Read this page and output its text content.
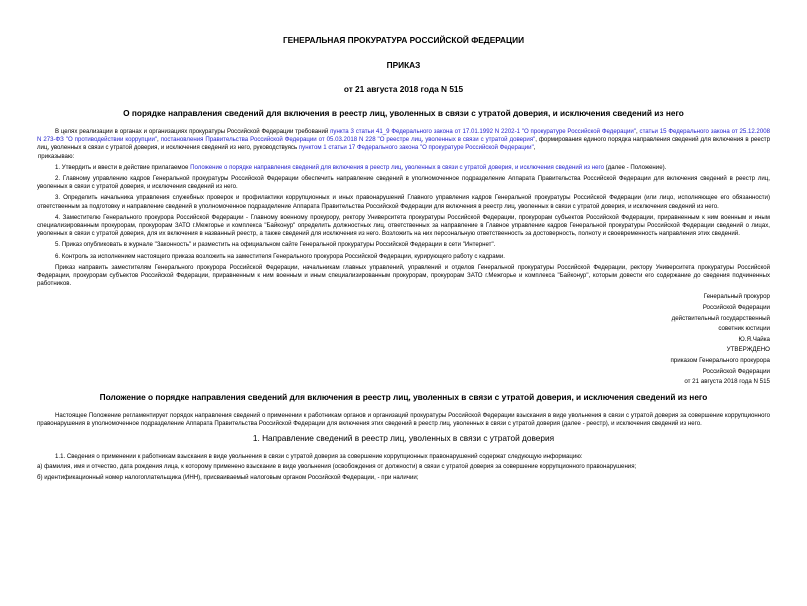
ГЕНЕРАЛЬНАЯ ПРОКУРАТУРА РОССИЙСКОЙ ФЕДЕРАЦИИ
ПРИКАЗ
от 21 августа 2018 года N 515
О порядке направления сведений для включения в реестр лиц, уволенных в связи с утратой доверия, и исключения сведений из него

В целях реализации в органах и организациях прокуратуры Российской Федерации требований пункта 3 статьи 41_9 Федерального закона от 17.01.1992 N 2202-1 "О прокуратуре Российской Федерации", статьи 15 Федерального закона от 25.12.2008 N 273-ФЗ "О противодействии коррупции", постановления Правительства Российской Федерации от 05.03.2018 N 228 "О реестре лиц, уволенных в связи с утратой доверия", формирования единого порядка направления сведений для включения в реестр лиц, уволенных в связи с утратой доверия, и исключения сведений из него, руководствуясь пунктом 1 статьи 17 Федерального закона "О прокуратуре Российской Федерации",

приказываю:

1. Утвердить и ввести в действие прилагаемое Положение о порядке направления сведений для включения в реестр лиц, уволенных в связи с утратой доверия, и исключения сведений из него (далее - Положение).

2. Главному управлению кадров Генеральной прокуратуры Российской Федерации обеспечить направление сведений в уполномоченное подразделение Аппарата Правительства Российской Федерации для включения сведений в реестр лиц, уволенных в связи с утратой доверия, и исключения сведений из него.

3. Определить начальника управления служебных проверок и профилактики коррупционных и иных правонарушений Главного управления кадров Генеральной прокуратуры Российской Федерации (или лицо, исполняющее его обязанности) ответственным за подготовку и направление сведений в уполномоченное подразделение Аппарата Правительства Российской Федерации для включения в реестр лиц, уволенных в связи с утратой доверия, и исключения сведений из него.

4. Заместителю Генерального прокурора Российской Федерации - Главному военному прокурору, ректору Университета прокуратуры Российской Федерации, прокурорам субъектов Российской Федерации, приравненным к ним военным и иным специализированным прокурорам, прокурорам ЗАТО г.Межгорье и комплекса "Байконур" определить должностных лиц, ответственных за направление в Главное управление кадров Генеральной прокуратуры Российской Федерации сведений о лицах, уволенных в связи с утратой доверия, для их включения в названный реестр, а также сведений для исключения из него. Возложить на них персональную ответственность за достоверность, полноту и своевременность направления этих сведений.

5. Приказ опубликовать в журнале "Законность" и разместить на официальном сайте Генеральной прокуратуры Российской Федерации в сети "Интернет".

6. Контроль за исполнением настоящего приказа возложить на заместителя Генерального прокурора Российской Федерации, курирующего работу с кадрами.

Приказ направить заместителям Генерального прокурора Российской Федерации, начальникам главных управлений, управлений и отделов Генеральной прокуратуры Российской Федерации, ректору Университета прокуратуры Российской Федерации, прокурорам субъектов Российской Федерации, приравненным к ним военным и иным специализированным прокурорам, прокурорам ЗАТО г.Межгорье и комплекса "Байконур", которым довести его содержание до сведения подчиненных работников.

Генеральный прокурор

Российской Федерации

действительный государственный

советник юстиции

Ю.Я.Чайка

УТВЕРЖДЕНО

приказом Генерального прокурора

Российской Федерации

от 21 августа 2018 года N 515

Положение о порядке направления сведений для включения в реестр лиц, уволенных в связи с утратой доверия, и исключения сведений из него

Настоящее Положение регламентирует порядок направления сведений о применении к работникам органов и организаций прокуратуры Российской Федерации взыскания в виде увольнения в связи с утратой доверия за совершение коррупционного правонарушения в уполномоченное подразделение Аппарата Правительства Российской Федерации для включения этих сведений в реестр лиц, уволенных в связи с утратой доверия (далее - реестр), и исключения сведений из него.

1. Направление сведений в реестр лиц, уволенных в связи с утратой доверия

1.1. Сведения о применении к работникам взыскания в виде увольнения в связи с утратой доверия за совершение коррупционных правонарушений содержат следующую информацию:

а) фамилия, имя и отчество, дата рождения лица, к которому применено взыскание в виде увольнения (освобождения от должности) в связи с утратой доверия за совершение коррупционного правонарушения;

б) идентификационный номер налогоплательщика (ИНН), присваиваемый налоговым органом Российской Федерации, - при наличии;
